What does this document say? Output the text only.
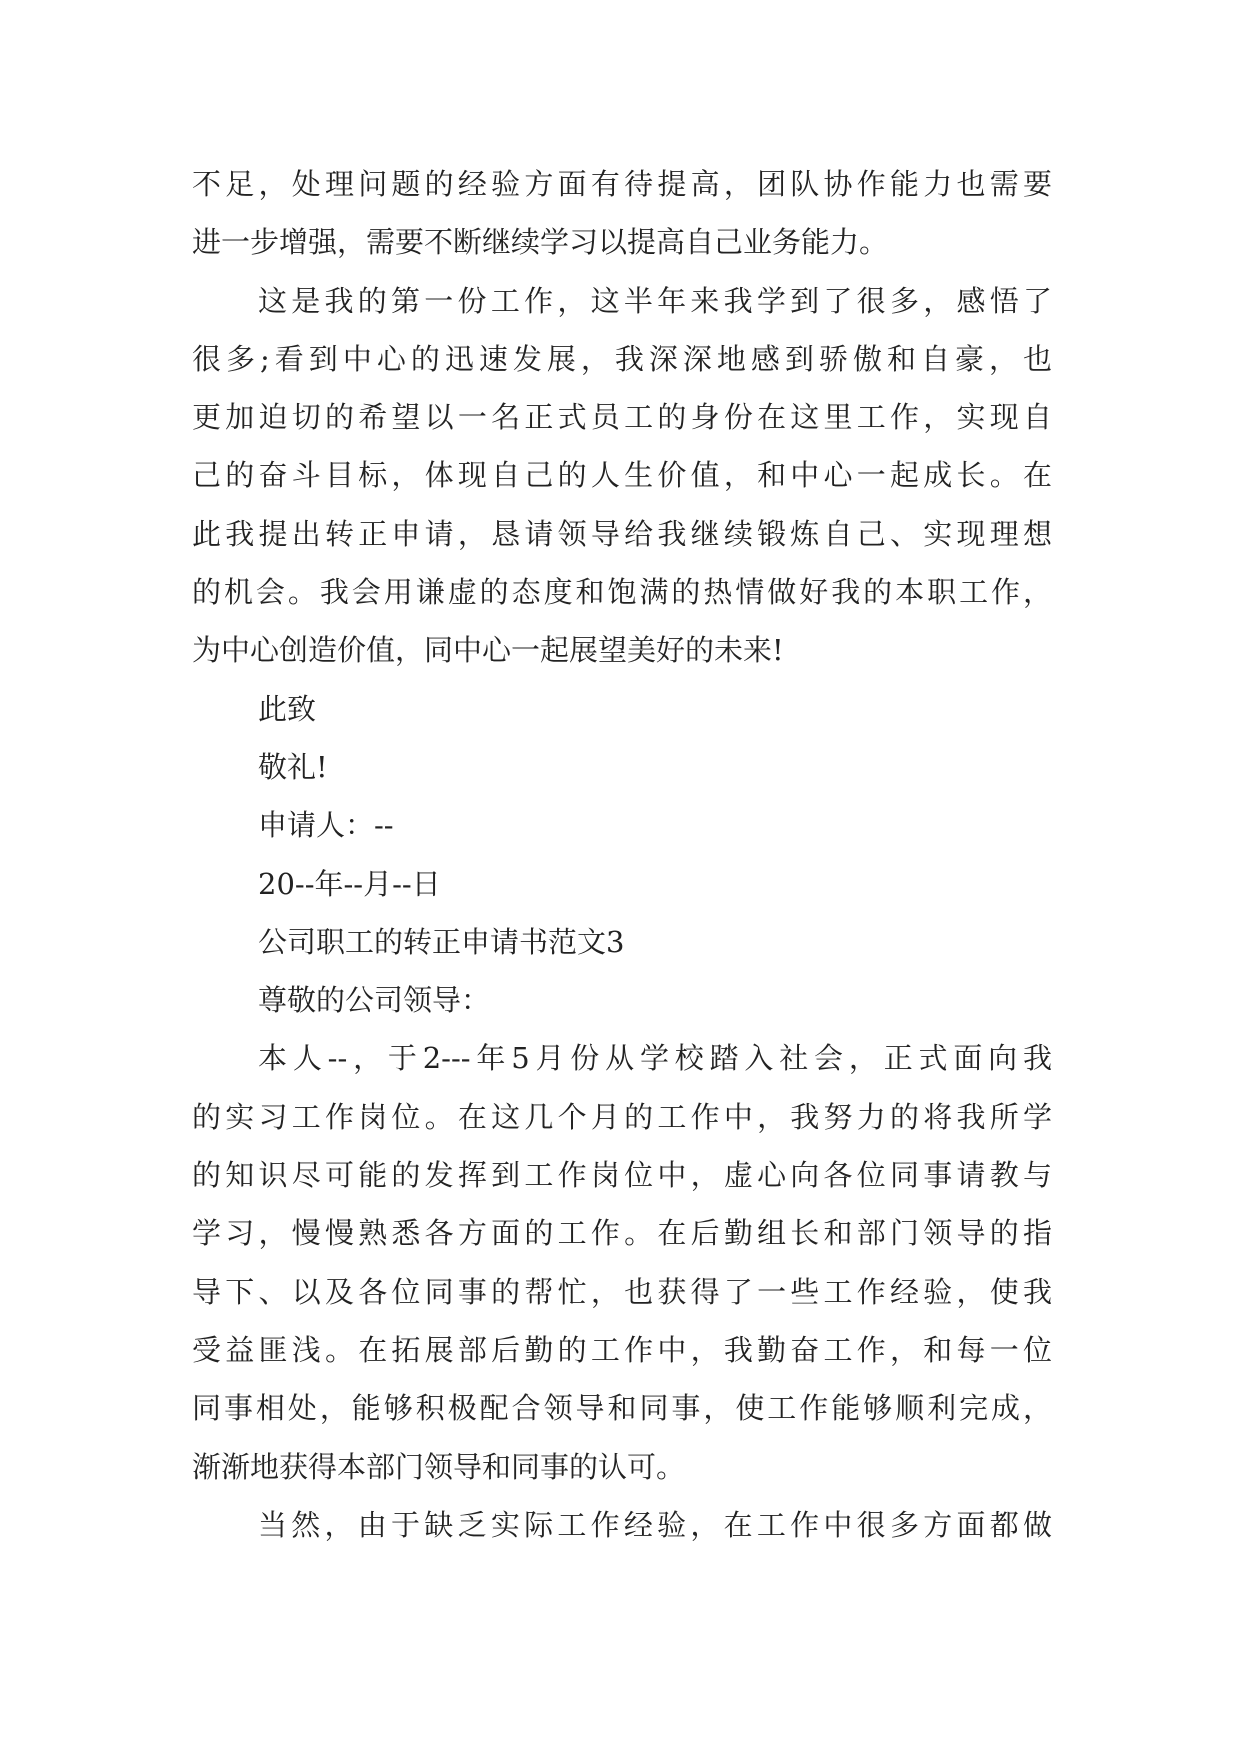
不足，处理问题的经验方面有待提高，团队协作能力也需要
进一步增强，需要不断继续学习以提高自己业务能力。
这是我的第一份工作，这半年来我学到了很多，感悟了
很多;看到中心的迅速发展，我深深地感到骄傲和自豪，也
更加迫切的希望以一名正式员工的身份在这里工作，实现自
己的奋斗目标，体现自己的人生价值，和中心一起成长。在
此我提出转正申请，恳请领导给我继续锻炼自己、实现理想
的机会。我会用谦虚的态度和饱满的热情做好我的本职工作，
为中心创造价值，同中心一起展望美好的未来!
此致
敬礼!
申请人：--
20--年--月--日
公司职工的转正申请书范文3
尊敬的公司领导：
本人--，于2---年5月份从学校踏入社会，正式面向我
的实习工作岗位。在这几个月的工作中，我努力的将我所学
的知识尽可能的发挥到工作岗位中，虚心向各位同事请教与
学习，慢慢熟悉各方面的工作。在后勤组长和部门领导的指
导下、以及各位同事的帮忙，也获得了一些工作经验，使我
受益匪浅。在拓展部后勤的工作中，我勤奋工作，和每一位
同事相处，能够积极配合领导和同事，使工作能够顺利完成，
渐渐地获得本部门领导和同事的认可。
当然，由于缺乏实际工作经验，在工作中很多方面都做
